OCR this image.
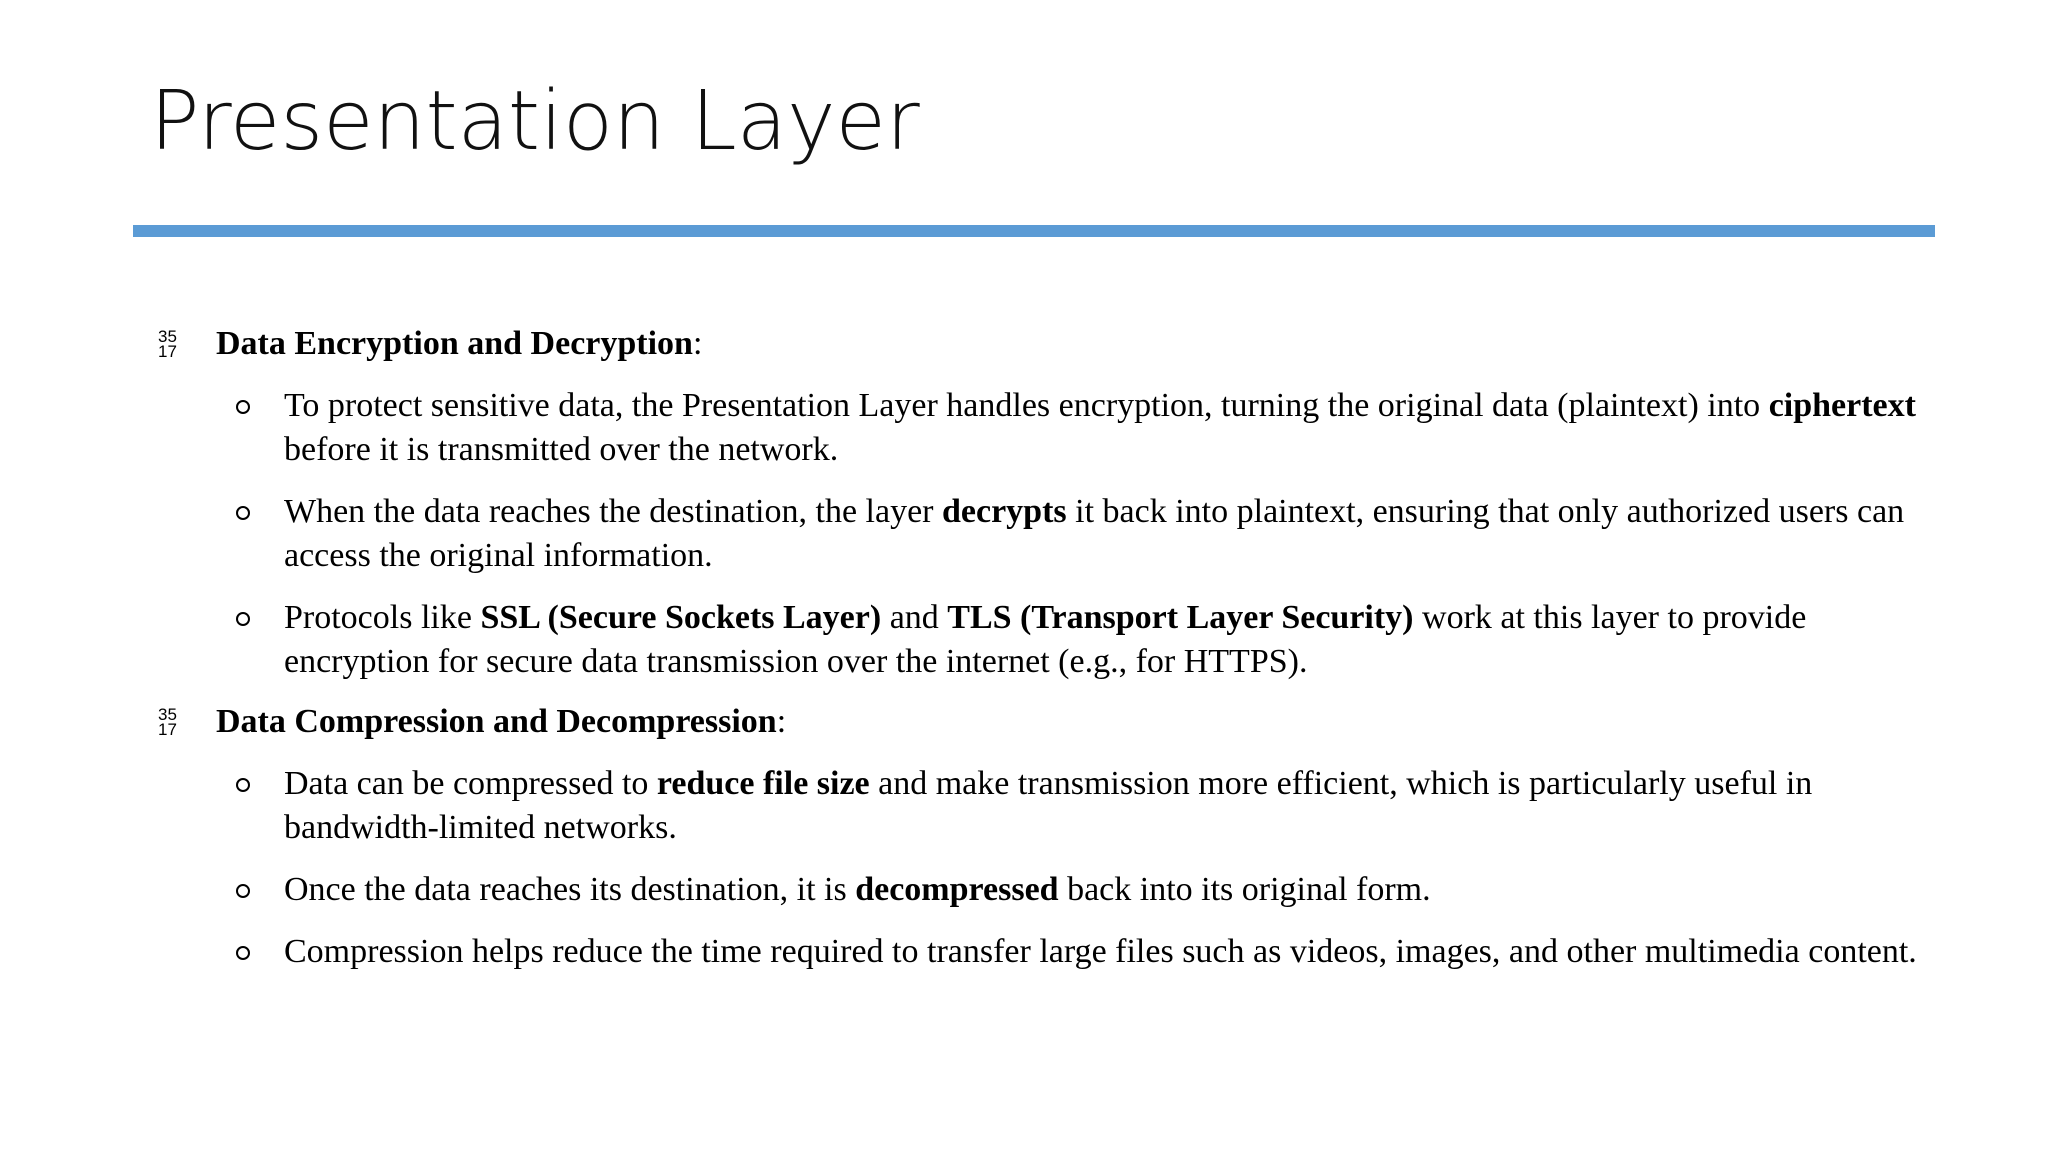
Presentation Layer
35
17	Data Encryption and Decryption:
To protect sensitive data, the Presentation Layer handles encryption, turning the original data (plaintext) into ciphertext before it is transmitted over the network.
When the data reaches the destination, the layer decrypts it back into plaintext, ensuring that only authorized users can access the original information.
Protocols like SSL (Secure Sockets Layer) and TLS (Transport Layer Security) work at this layer to provide encryption for secure data transmission over the internet (e.g., for HTTPS).
35
17	Data Compression and Decompression:
Data can be compressed to reduce file size and make transmission more efficient, which is particularly useful in bandwidth-limited networks.
Once the data reaches its destination, it is decompressed back into its original form.
Compression helps reduce the time required to transfer large files such as videos, images, and other multimedia content.
